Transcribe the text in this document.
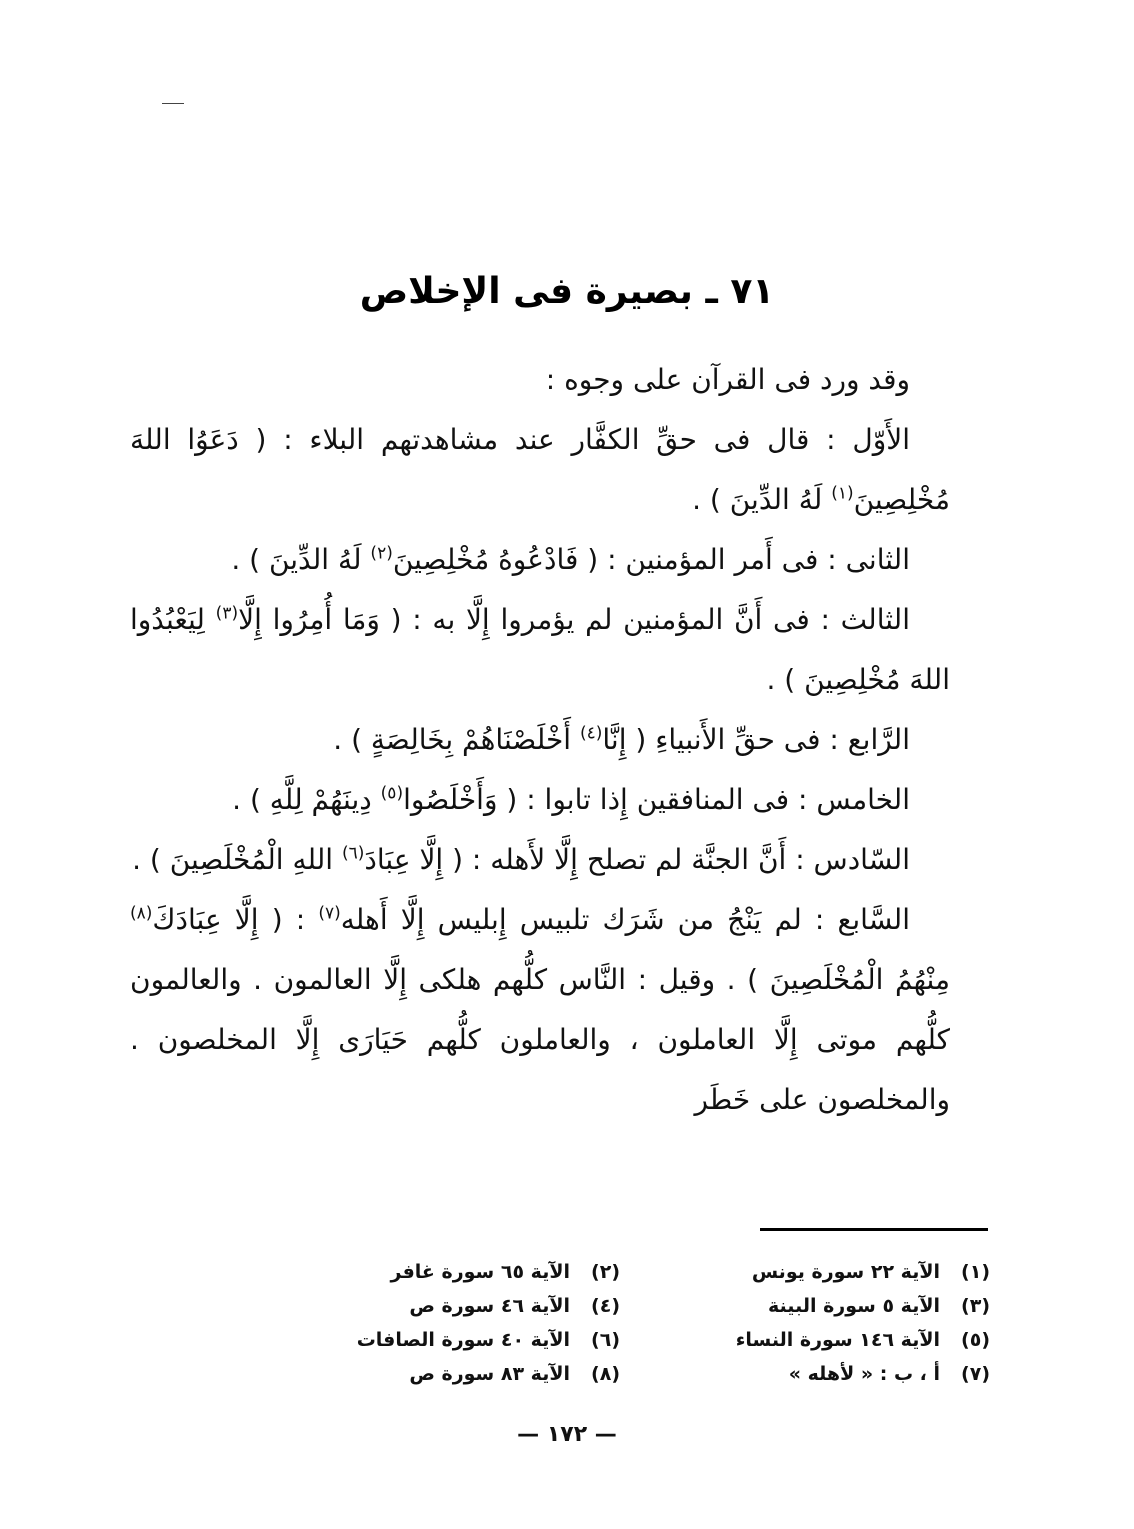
٧١ ـ بصيرة فى الإخلاص

وقد ورد فى القرآن على وجوه :

الأَوّل : قال فى حقِّ الكفَّار عند مشاهدتهم البلاء : ( دَعَوُا اللهَ مُخْلِصِينَ$^{(١)}$ لَهُ الدِّينَ ) .

الثانى : فى أَمر المؤمنين : ( فَادْعُوهُ مُخْلِصِينَ$^{(٢)}$ لَهُ الدِّينَ ) .

الثالث : فى أَنَّ المؤمنين لم يؤمروا إِلَّا به : ( وَمَا أُمِرُوا إِلَّا$^{(٣)}$ لِيَعْبُدُوا اللهَ مُخْلِصِينَ ) .

الرَّابع : فى حقِّ الأَنبياءِ ( إِنَّا$^{(٤)}$ أَخْلَصْنَاهُمْ بِخَالِصَةٍ ) .

الخامس : فى المنافقين إِذا تابوا : ( وَأَخْلَصُوا$^{(٥)}$ دِينَهُمْ لِلَّهِ ) .

السّادس : أَنَّ الجنَّة لم تصلح إِلَّا لأَهله : ( إِلَّا عِبَادَ$^{(٦)}$ اللهِ الْمُخْلَصِينَ ) .

السَّابع : لم يَنْجُ من شَرَك تلبيس إِبليس إِلَّا أَهله$^{(٧)}$ : ( إِلَّا عِبَادَكَ$^{(٨)}$ مِنْهُمُ الْمُخْلَصِينَ ) . وقيل : النَّاس كلُّهم هلكى إِلَّا العالمون . والعالمون كلُّهم موتى إِلَّا العاملون ، والعاملون كلُّهم حَيَارَى إِلَّا المخلصون . والمخلصون على خَطَر

(١)
الآية ٢٢ سورة يونس
(٢)
الآية ٦٥ سورة غافر
(٣)
الآية ٥ سورة البينة
(٤)
الآية ٤٦ سورة ص
(٥)
الآية ١٤٦ سورة النساء
(٦)
الآية ٤٠ سورة الصافات
(٧)
أ ، ب : « لأهله »
(٨)
الآية ٨٣ سورة ص
— ١٧٢ —
